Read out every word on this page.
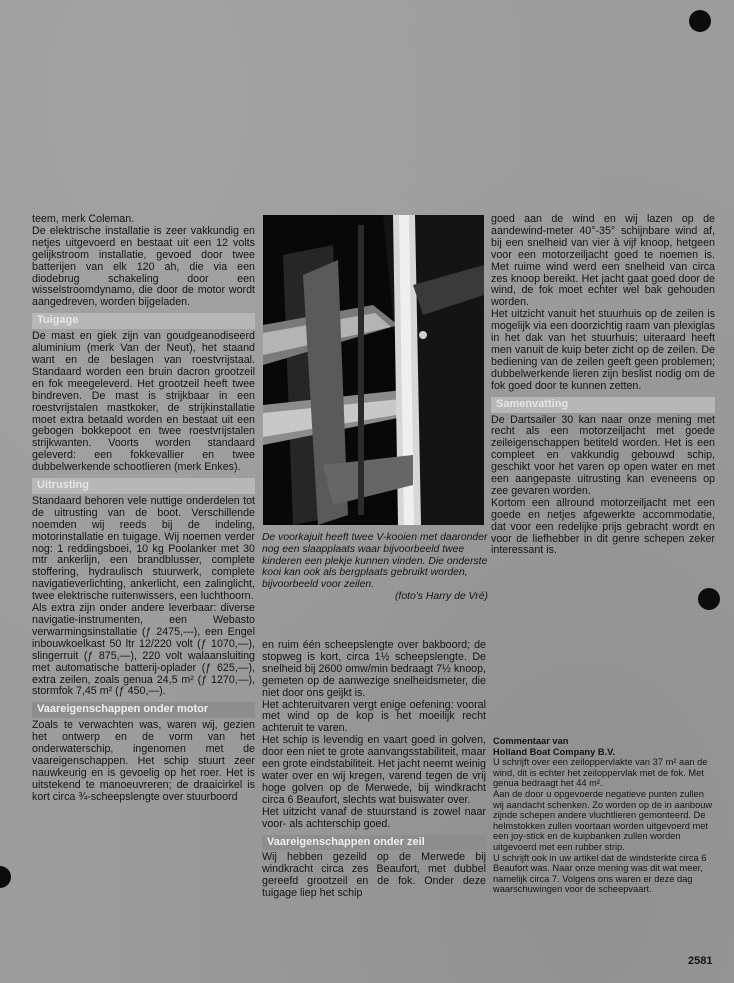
teem, merk Coleman.
De elektrische installatie is zeer vakkundig en netjes uitgevoerd en bestaat uit een 12 volts gelijkstroom installatie, gevoed door twee batterijen van elk 120 ah, die via een diodebrug schakeling door een wisselstroomdynamo, die door de motor wordt aangedreven, worden bijgeladen.

Tuigage

De mast en giek zijn van goudgeanodiseerd aluminium (merk Van der Neut), het staand want en de beslagen van roestvrijstaal. Standaard worden een bruin dacron grootzeil en fok meegeleverd. Het grootzeil heeft twee bindreven. De mast is strijkbaar in een roestvrijstalen mastkoker, de strijkinstallatie moet extra betaald worden en bestaat uit een gebogen bokkepoot en twee roestvrijstalen strijkwanten. Voorts worden standaard geleverd: een fokkevallier en twee dubbelwerkende schootlieren (merk Enkes).

Uitrusting

Standaard behoren vele nuttige onderdelen tot de uitrusting van de boot. Verschillende noemden wij reeds bij de indeling, motorinstallatie en tuigage. Wij noemen verder nog: 1 reddingsboei, 10 kg Poolanker met 30 mtr ankerlijn, een brandblusser, complete stoffering, hydraulisch stuurwerk, complete navigatieverlichting, ankerlicht, een zalinglicht, twee elektrische ruitenwissers, een luchthoorn.
Als extra zijn onder andere leverbaar: diverse navigatie-instrumenten, een Webasto verwarmingsinstallatie (ƒ 2475,—), een Engel inbouwkoelkast 50 ltr 12/220 volt (ƒ 1070,—), slingerruit (ƒ 875,—), 220 volt walaansluiting met automatische batterij-oplader (ƒ 625,—), extra zeilen, zoals genua 24,5 m² (ƒ 1270,—), stormfok 7,45 m² (ƒ 450,—).

Vaareigenschappen onder motor

Zoals te verwachten was, waren wij, gezien het ontwerp en de vorm van het onderwaterschip, ingenomen met de vaareigenschappen. Het schip stuurt zeer nauwkeurig en is gevoelig op het roer. Het is uitstekend te manoeuvreren; de draaicirkel is kort circa ¾-scheepslengte over stuurboord

De voorkajuit heeft twee V-kooien met daaronder nog een slaapplaats waar bijvoorbeeld twee kinderen een plekje kunnen vinden. Die onderste kooi kan ook als bergplaats gebruikt worden, bijvoorbeeld voor zeilen.

(foto's Harry de Vré)

en ruim één scheepslengte over bakboord; de stopweg is kort, circa 1½ scheepslengte. De snelheid bij 2600 omw/min bedraagt 7½ knoop, gemeten op de aanwezige snelheidsmeter, die niet door ons geijkt is.
Het achteruitvaren vergt enige oefening: vooral met wind op de kop is het moeilijk recht achteruit te varen.
Het schip is levendig en vaart goed in golven, door een niet te grote aanvangsstabiliteit, maar een grote eindstabiliteit. Het jacht neemt weinig water over en wij kregen, varend tegen de vrij hoge golven op de Merwede, bij windkracht circa 6 Beaufort, slechts wat buiswater over.
Het uitzicht vanaf de stuurstand is zowel naar voor- als achterschip goed.

Vaareigenschappen onder zeil

Wij hebben gezeild op de Merwede bij windkracht circa zes Beaufort, met dubbel gereefd grootzeil en de fok. Onder deze tuigage liep het schip

goed aan de wind en wij lazen op de aandewind-meter 40°-35° schijnbare wind af, bij een snelheid van vier à vijf knoop, hetgeen voor een motorzeiljacht goed te noemen is. Met ruime wind werd een snelheid van circa zes knoop bereikt. Het jacht gaat goed door de wind, de fok moet echter wel bak gehouden worden.
Het uitzicht vanuit het stuurhuis op de zeilen is mogelijk via een doorzichtig raam van plexiglas in het dak van het stuurhuis; uiteraard heeft men vanuit de kuip beter zicht op de zeilen. De bediening van de zeilen geeft geen problemen; dubbelwerkende lieren zijn beslist nodig om de fok goed door te kunnen zetten.

Samenvatting

De Dartsailer 30 kan naar onze mening met recht als een motorzeiljacht met goede zeileigenschappen betiteld worden. Het is een compleet en vakkundig gebouwd schip, geschikt voor het varen op open water en met een aangepaste uitrusting kan eveneens op zee gevaren worden.
Kortom een allround motorzeiljacht met een goede en netjes afgewerkte accommodatie, dat voor een redelijke prijs gebracht wordt en voor de liefhebber in dit genre schepen zeker interessant is.

Commentaar van

Holland Boat Company B.V.

U schrijft over een zeiloppervlakte van 37 m² aan de wind, dit is echter het zeiloppervlak met de fok. Met genua bedraagt het 44 m².
Aan de door u opgevoerde negatieve punten zullen wij aandacht schenken. Zo worden op de in aanbouw zijnde schepen andere vluchtlieren gemonteerd. De helmstokken zullen voortaan worden uitgevoerd met een joy-stick en de kuipbanken zullen worden uitgevoerd met een rubber strip.
U schrijft ook in uw artikel dat de windsterkte circa 6 Beaufort was. Naar onze mening was dit wat meer, namelijk circa 7. Volgens ons waren er deze dag waarschuwingen voor de scheepvaart.

2581
